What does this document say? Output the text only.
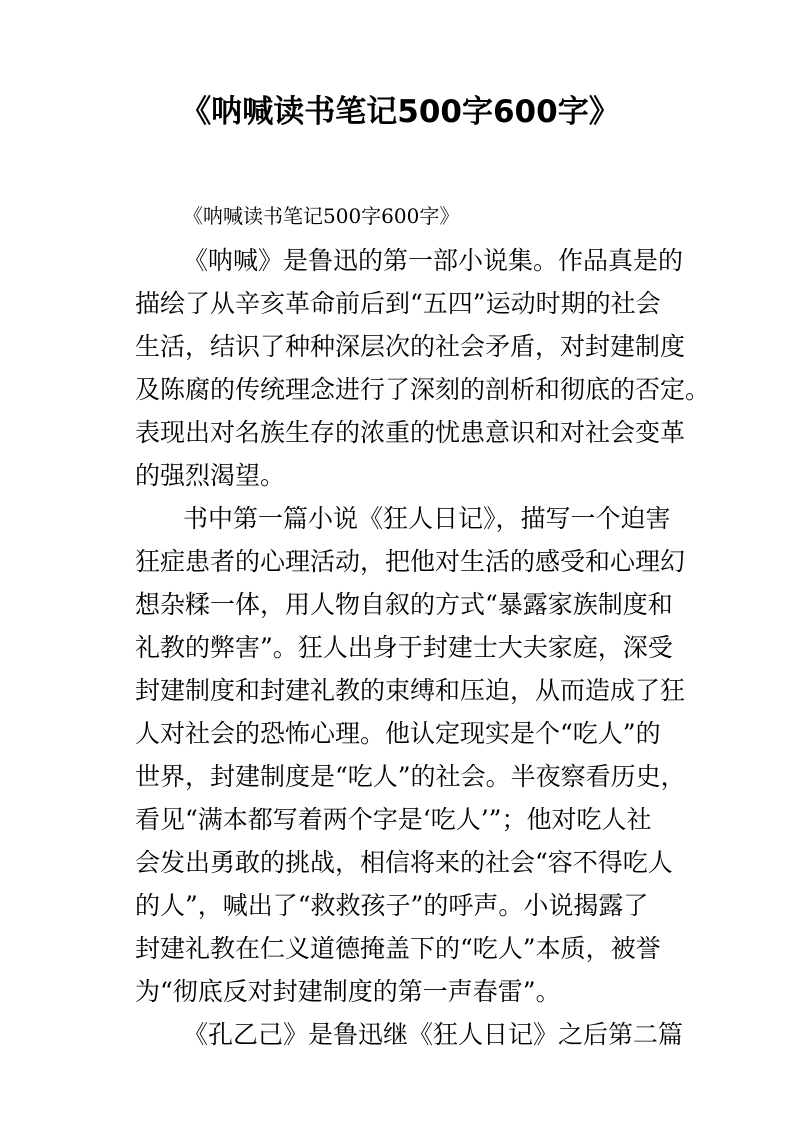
《呐喊读书笔记500字600字》

《呐喊读书笔记500字600字》

《呐喊》是鲁迅的第一部小说集。作品真是的
描绘了从辛亥革命前后到“五四”运动时期的社会
生活，结识了种种深层次的社会矛盾，对封建制度
及陈腐的传统理念进行了深刻的剖析和彻底的否定。
表现出对名族生存的浓重的忧患意识和对社会变革
的强烈渴望。

书中第一篇小说《狂人日记》，描写一个迫害
狂症患者的心理活动，把他对生活的感受和心理幻
想杂糅一体，用人物自叙的方式“暴露家族制度和
礼教的弊害”。狂人出身于封建士大夫家庭，深受
封建制度和封建礼教的束缚和压迫，从而造成了狂
人对社会的恐怖心理。他认定现实是个“吃人”的
世界，封建制度是“吃人”的社会。半夜察看历史，
看见“满本都写着两个字是‘吃人’”；他对吃人社
会发出勇敢的挑战，相信将来的社会“容不得吃人
的人”，喊出了“救救孩子”的呼声。小说揭露了
封建礼教在仁义道德掩盖下的“吃人”本质，被誉
为“彻底反对封建制度的第一声春雷”。

《孔乙己》是鲁迅继《狂人日记》之后第二篇
